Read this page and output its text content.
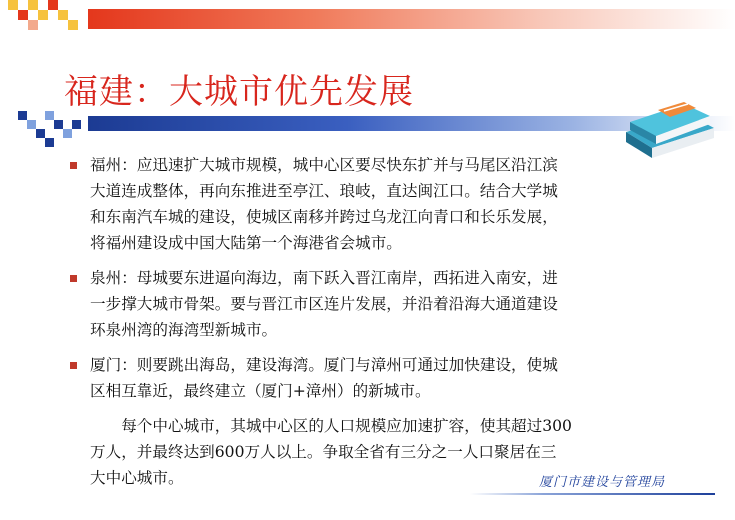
福建：大城市优先发展
福州：应迅速扩大城市规模，城中心区要尽快东扩并与马尾区沿江滨
大道连成整体，再向东推进至亭江、琅岐，直达闽江口。结合大学城
和东南汽车城的建设，使城区南移并跨过乌龙江向青口和长乐发展，
将福州建设成中国大陆第一个海港省会城市。
泉州：母城要东进逼向海边，南下跃入晋江南岸，西拓进入南安，进
一步撑大城市骨架。要与晋江市区连片发展，并沿着沿海大通道建设
环泉州湾的海湾型新城市。
厦门：则要跳出海岛，建设海湾。厦门与漳州可通过加快建设，使城
区相互靠近，最终建立（厦门+漳州）的新城市。
　　每个中心城市，其城中心区的人口规模应加速扩容，使其超过300
万人，并最终达到600万人以上。争取全省有三分之一人口聚居在三
大中心城市。	厦门市建设与管理局
